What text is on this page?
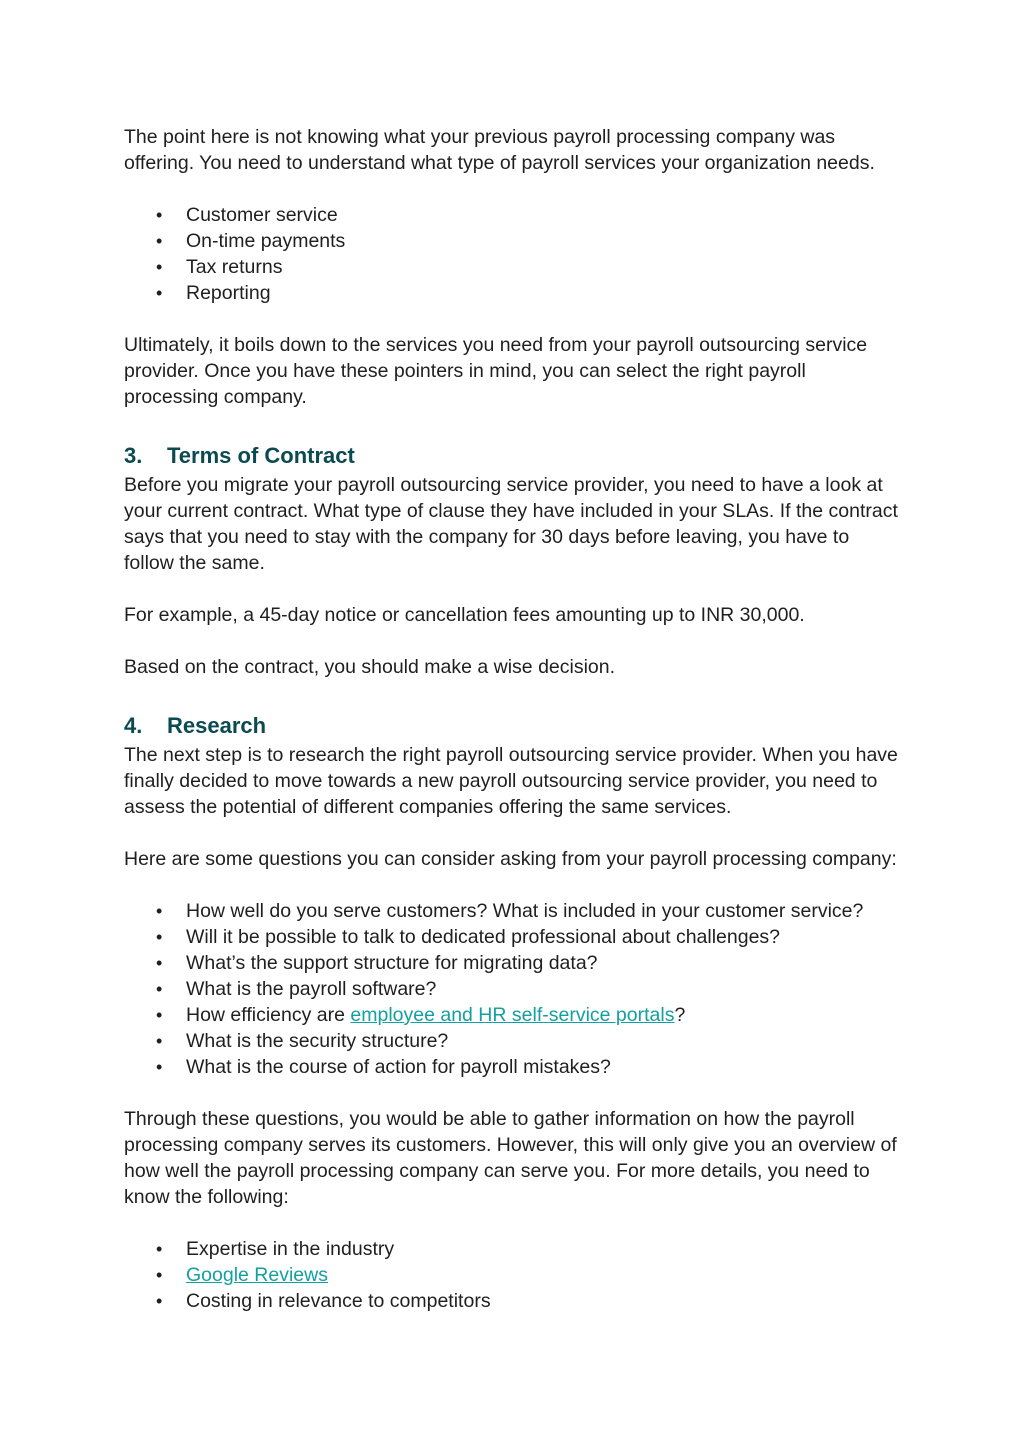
The point here is not knowing what your previous payroll processing company was offering. You need to understand what type of payroll services your organization needs.

• Customer service
• On-time payments
• Tax returns
• Reporting

Ultimately, it boils down to the services you need from your payroll outsourcing service provider. Once you have these pointers in mind, you can select the right payroll processing company.

3. Terms of Contract

Before you migrate your payroll outsourcing service provider, you need to have a look at your current contract. What type of clause they have included in your SLAs. If the contract says that you need to stay with the company for 30 days before leaving, you have to follow the same.

For example, a 45-day notice or cancellation fees amounting up to INR 30,000.

Based on the contract, you should make a wise decision.

4. Research

The next step is to research the right payroll outsourcing service provider. When you have finally decided to move towards a new payroll outsourcing service provider, you need to assess the potential of different companies offering the same services.

Here are some questions you can consider asking from your payroll processing company:

• How well do you serve customers? What is included in your customer service?
• Will it be possible to talk to dedicated professional about challenges?
• What’s the support structure for migrating data?
• What is the payroll software?
• How efficiency are employee and HR self-service portals?
• What is the security structure?
• What is the course of action for payroll mistakes?

Through these questions, you would be able to gather information on how the payroll processing company serves its customers. However, this will only give you an overview of how well the payroll processing company can serve you. For more details, you need to know the following:

• Expertise in the industry
• Google Reviews
• Costing in relevance to competitors
